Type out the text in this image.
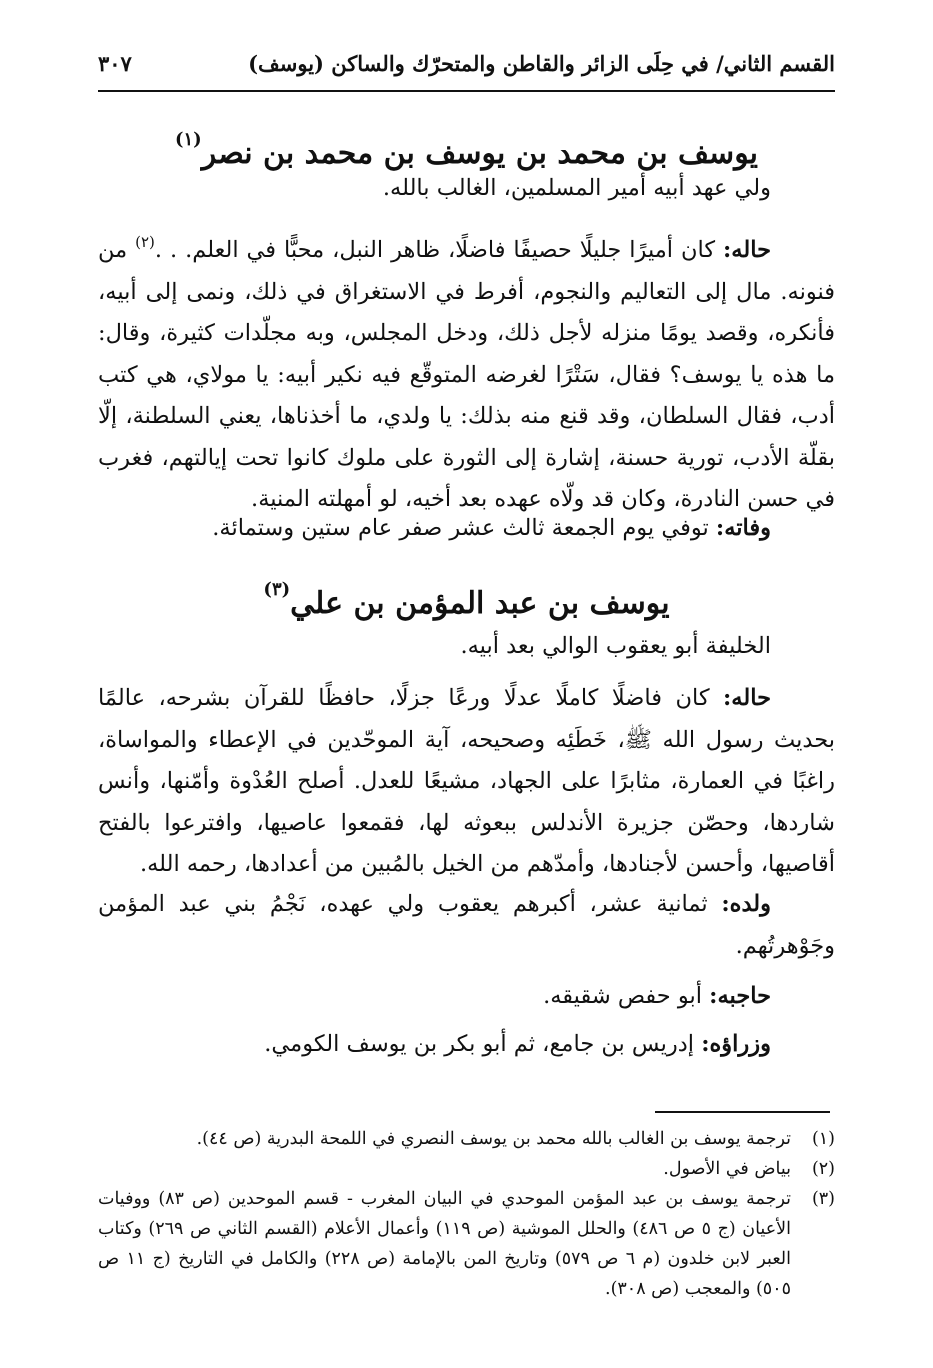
القسم الثاني/ في حِلَى الزائر والقاطن والمتحرّك والساكن (يوسف)
٣٠٧
يوسف بن محمد بن يوسف بن محمد بن نصر$^{(١)}$
ولي عهد أبيه أمير المسلمين، الغالب بالله.
حاله: كان أميرًا جليلًا حصيفًا فاضلًا، ظاهر النبل، محبًّا في العلم. . .$^{(٢)}$ من فنونه. مال إلى التعاليم والنجوم، أفرط في الاستغراق في ذلك، ونمى إلى أبيه، فأنكره، وقصد يومًا منزله لأجل ذلك، ودخل المجلس، وبه مجلّدات كثيرة، وقال: ما هذه يا يوسف؟ فقال، سَتْرًا لغرضه المتوقّع فيه نكير أبيه: يا مولاي، هي كتب أدب، فقال السلطان، وقد قنع منه بذلك: يا ولدي، ما أخذناها، يعني السلطنة، إلّا بقلّة الأدب، تورية حسنة، إشارة إلى الثورة على ملوك كانوا تحت إيالتهم، فغرب في حسن النادرة، وكان قد ولّاه عهده بعد أخيه، لو أمهلته المنية.
وفاته: توفي يوم الجمعة ثالث عشر صفر عام ستين وستمائة.
يوسف بن عبد المؤمن بن علي$^{(٣)}$
الخليفة أبو يعقوب الوالي بعد أبيه.
حاله: كان فاضلًا كاملًا عدلًا ورعًا جزلًا، حافظًا للقرآن بشرحه، عالمًا بحديث رسول الله ﷺ، خَطَئِه وصحيحه، آية الموحّدين في الإعطاء والمواساة، راغبًا في العمارة، مثابرًا على الجهاد، مشيعًا للعدل. أصلح العُدْوة وأمّنها، وأنس شاردها، وحصّن جزيرة الأندلس ببعوثه لها، فقمعوا عاصيها، وافترعوا بالفتح أقاصيها، وأحسن لأجنادها، وأمدّهم من الخيل بالمُبين من أعدادها، رحمه الله.
ولده: ثمانية عشر، أكبرهم يعقوب ولي عهده، نَجْمُ بني عبد المؤمن وجَوْهرتُهم.
حاجبه: أبو حفص شقيقه.
وزراؤه: إدريس بن جامع، ثم أبو بكر بن يوسف الكومي.
(١)
ترجمة يوسف بن الغالب بالله محمد بن يوسف النصري في اللمحة البدرية (ص ٤٤).
(٢)
بياض في الأصول.
(٣)
ترجمة يوسف بن عبد المؤمن الموحدي في البيان المغرب - قسم الموحدين (ص ٨٣) ووفيات الأعيان (ج ٥ ص ٤٨٦) والحلل الموشية (ص ١١٩) وأعمال الأعلام (القسم الثاني ص ٢٦٩) وكتاب العبر لابن خلدون (م ٦ ص ٥٧٩) وتاريخ المن بالإمامة (ص ٢٢٨) والكامل في التاريخ (ج ١١ ص ٥٠٥) والمعجب (ص ٣٠٨).
